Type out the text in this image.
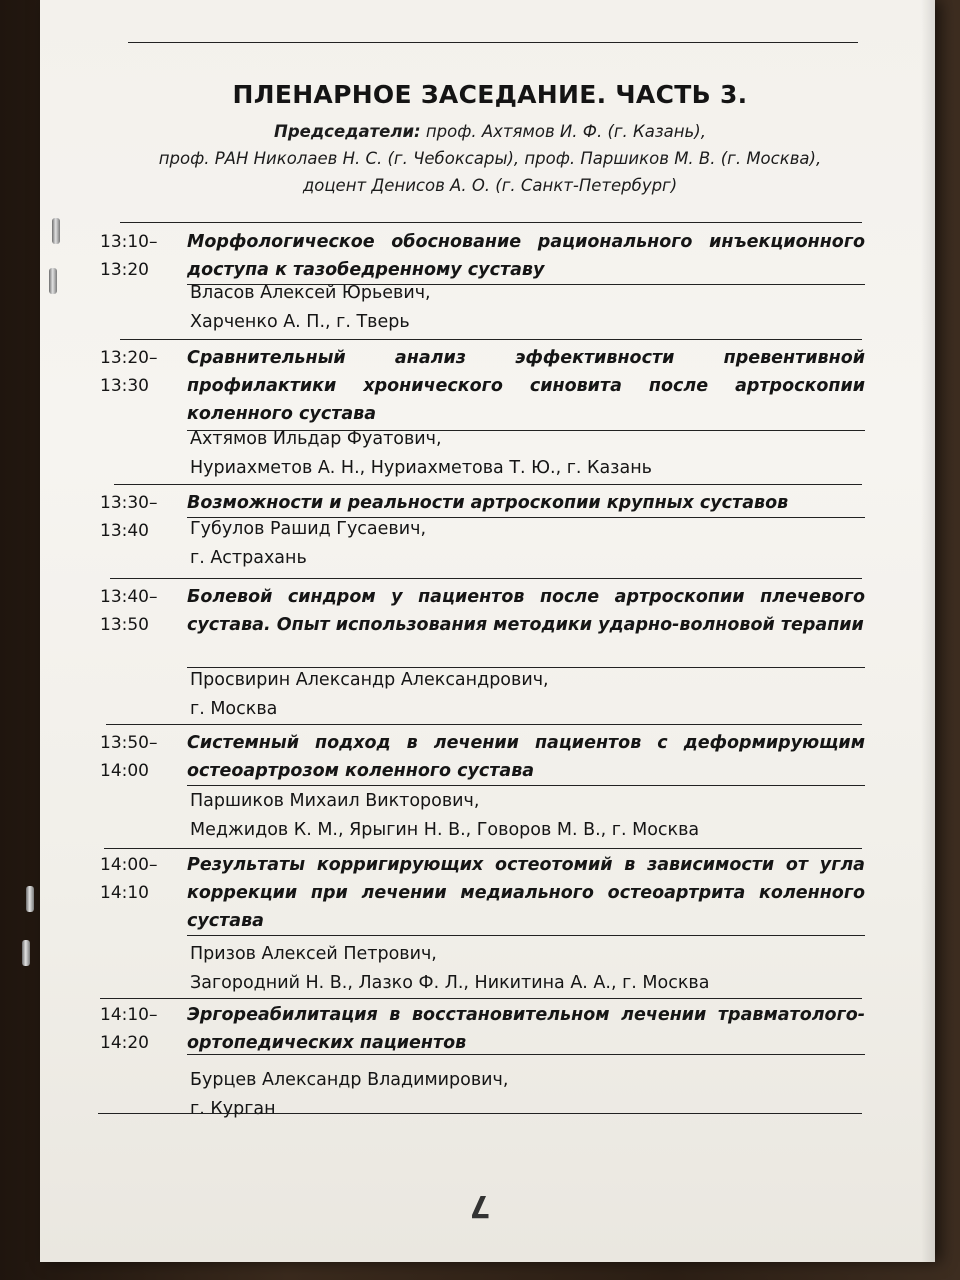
ПЛЕНАРНОЕ ЗАСЕДАНИЕ. ЧАСТЬ 3.
Председатели: проф. Ахтямов И. Ф. (г. Казань),
проф. РАН Николаев Н. С. (г. Чебоксары), проф. Паршиков М. В. (г. Москва),
доцент Денисов А. О. (г. Санкт-Петербург)
13:10–
13:20
Морфологическое обоснование рационального инъекционного доступа к тазобедренному суставу
Власов Алексей Юрьевич,
Харченко А. П., г. Тверь
13:20–
13:30
Сравнительный анализ эффективности превентивной профилактики хронического синовита после артроскопии коленного сустава
Ахтямов Ильдар Фуатович,
Нуриахметов А. Н., Нуриахметова Т. Ю., г. Казань
13:30–
13:40
Возможности и реальности артроскопии крупных суставов
Губулов Рашид Гусаевич,
г. Астрахань
13:40–
13:50
Болевой синдром у пациентов после артроскопии плечевого сустава. Опыт использования методики ударно-волновой терапии
Просвирин Александр Александрович,
г. Москва
13:50–
14:00
Системный подход в лечении пациентов с деформирующим остеоартрозом коленного сустава
Паршиков Михаил Викторович,
Меджидов К. М., Ярыгин Н. В., Говоров М. В., г. Москва
14:00–
14:10
Результаты корригирующих остеотомий в зависимости от угла коррекции при лечении медиального остеоартрита коленного сустава
Призов Алексей Петрович,
Загородний Н. В., Лазко Ф. Л., Никитина А. А., г. Москва
14:10–
14:20
Эргореабилитация в восстановительном лечении травматолого-ортопедических пациентов
Бурцев Александр Владимирович,
г. Курган
7
